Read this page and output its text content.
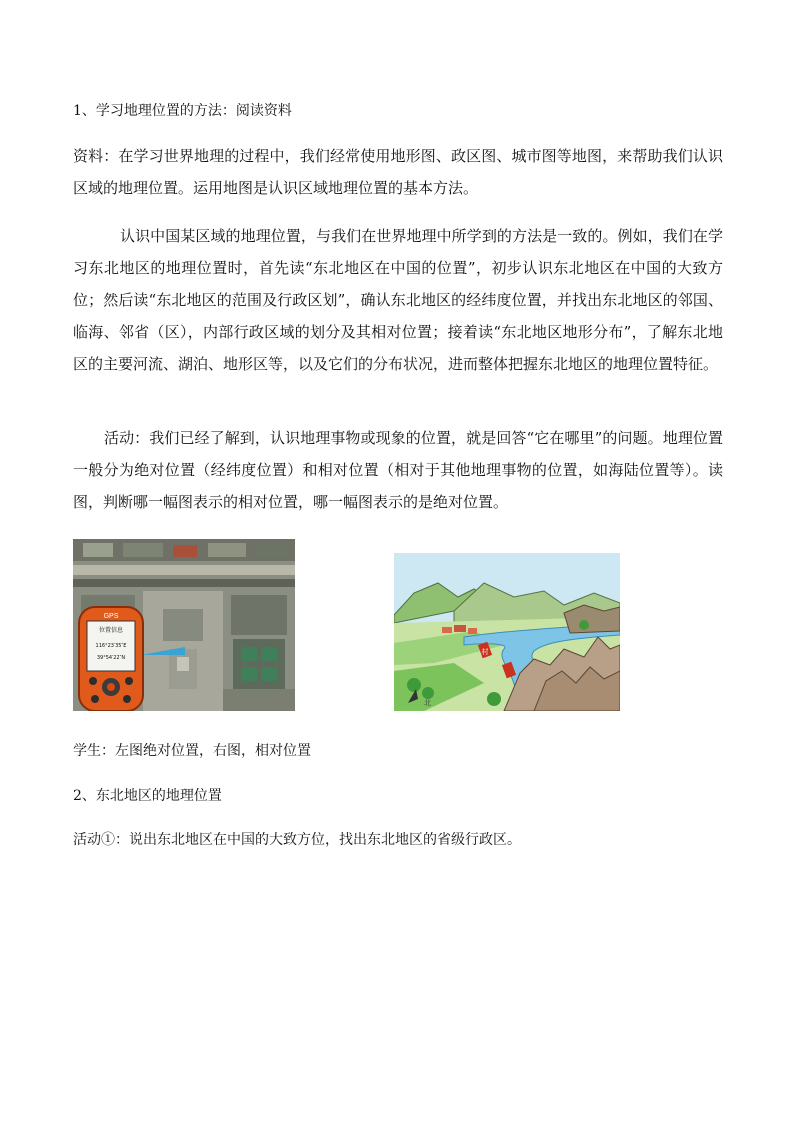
1、学习地理位置的方法：阅读资料

资料：在学习世界地理的过程中，我们经常使用地形图、政区图、城市图等地图，来帮助我们认识区域的地理位置。运用地图是认识区域地理位置的基本方法。

认识中国某区域的地理位置，与我们在世界地理中所学到的方法是一致的。例如，我们在学习东北地区的地理位置时，首先读“东北地区在中国的位置”，初步认识东北地区在中国的大致方位；然后读“东北地区的范围及行政区划”，确认东北地区的经纬度位置，并找出东北地区的邻国、临海、邻省（区），内部行政区域的划分及其相对位置；接着读“东北地区地形分布”，了解东北地区的主要河流、湖泊、地形区等，以及它们的分布状况，进而整体把握东北地区的地理位置特征。

活动：我们已经了解到，认识地理事物或现象的位置，就是回答“它在哪里”的问题。地理位置一般分为绝对位置（经纬度位置）和相对位置（相对于其他地理事物的位置，如海陆位置等）。读图，判断哪一幅图表示的相对位置，哪一幅图表示的是绝对位置。

GPS
位置信息
116°23′35″E
39°54′22″N
村
北
学生：左图绝对位置，右图，相对位置
2、东北地区的地理位置
活动①：说出东北地区在中国的大致方位，找出东北地区的省级行政区。
